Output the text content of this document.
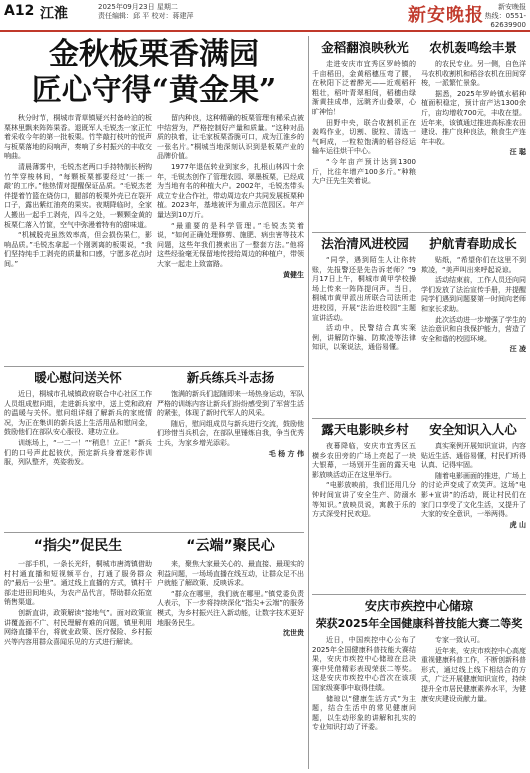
A12 江淮	2025年09月23日 星期二
责任编辑：邱 平 校对：蒋建萍	新安晚报	新安晚报
热线：0551-62639900
金秋板栗香满园
匠心守得“黄金果”

秋分时节，桐城市青草镇疑兴村备岭泊的板栗林里飘来阵阵果香。退既军人毛锐杰一家正忙着采收今年的第一批板栗。竹竿敲打枝叶的悦声与板栗落地的闷响声，奏响了乡村振兴的丰收交响曲。

清晨薄雾中，毛锐杰老两口手持特制长柄钩竹竿穿梭林间，“每颗板栗都要经过‘一拣一敲’的工序。”他热情对提醒保证品质。“毛锐杰老伴提着竹篮在烧仿口，腿部的板栗外壳已在裂开口子，露出紫红油亮的果实。夜期降临时，全家人搬出一起手工剥壳，四斗之处，一颗颗金黄的板栗仁落入竹筐，空气中弥漫着特有的甜味道。

“机械脱壳虽然效率高，但会损伤果仁，影响品质。”毛锐杰拿起一个刚剥离的板栗说，“我们坚持纯手工剥壳的质量和口感，宁愿多花点时间。”

留内种良，这种精确的板栗管理有稀采点被中结营为，严格控制好产量和质量。“这种对品质的执着，让毛家板栗香脆可口，成为江淮乡的一张名片。”桐城当地深刻认识到是板栗产业的品牌价值。

1977年退伍转业到家乡，扎根山林四十余年，毛锐杰创作了管理农园、翠墨板栗，已经成为当地有名的种植大户。2002年，毛锐杰带头成立专业合作社，带动周边农户共同发展板栗种植。2023年，基地被评为重点示范园区。年产量达到10万斤。

“最重要的是科学管理。”毛锐杰笑着说，“如何正确处理修剪、施肥、病虫害等技术问题，这些年我们摸索出了一整套方法。”他将这些经验毫无保留地传授给周边的种植户，带领大家一起走上致富路。

黄健生
暖心慰问送关怀	新兵练兵斗志扬

近日，桐城市孔城镇政府联合中心社区工作人员组成慰问组，走进新兵家中，送上党和政府的温暖与关怀。慰问组详细了解新兵的家庭情况，为正在集训的新兵送上生活用品和慰问金，鼓励他们在部队安心服役、建功立业。

训练场上，“一二一！”“稍息！立正！”新兵们的口号声此起彼伏，预定新兵身着迷彩作训服，列队整齐，英姿勃发。

饱满的新兵们起随即来一场热身运动，军队严格的训练内容让新兵们纷纷感受到了军营生活的紧张，体现了新时代军人的风采。

随后，慰问组成员与新兵进行交流，鼓励他们珍惜当兵机会，在部队里锤炼自我，争当优秀士兵，为家乡增光添彩。

毛 杨 方 伟
“指尖”促民生	“云端”聚民心

一部手机，一条长光纤，桐城市唐湾镇借助村村通直播和短视频平台，打通了服务群众的“最后一公里”。通过线上直播的方式，镇村干部走进田间地头，为农产品代言，帮助群众拓宽销售渠道。

创新直讲，政策解读“接地气”。面对政策宣讲覆盖面不广、村民理解有难的问题，镇里利用网络直播平台，将就业政策、医疗保险、乡村振兴等内容用群众喜闻乐见的方式进行解读。

来，聚焦大家最关心的、最直接、最现实的利益问题，一场场直播在线互动，让群众足不出户就能了解政策、反映诉求。

“群众在哪里，我们就在哪里。”镇党委负责人表示，下一步将持续深化“指尖+云端”的服务模式，为乡村振兴注入新动能，让数字技术更好地服务民生。

沈世贵
金稻翻浪映秋光	农机轰鸣绘丰景

走进安庆市宜秀区罗岭镇的千亩稻田，金黄稻穗压弯了腰，在秋阳下泛着醉光——近观稻秆粗壮，稻叶青翠相间，稻穗由绿渐黄挂成串，远眺齐山叠翠，心旷神怡！

田野中央，联合收割机正在轰鸣作业，切割、脱粒、清选一气呵成，一粒粒饱满的稻谷经运输车运往烘干中心。

“今年亩产预计达到1300斤，比往年增产100多斤。”种粮大户汪先生笑着说。

的农民专业。另一侧，自色洋马农机收割机和稻谷农机在田间穿梭，一派繁忙景象。

据悉，2025年罗岭镇水稻种植面积稳定，预计亩产达1300余斤，亩均增收700元，丰收在望。近年来，该镇通过推进高标准农田建设、推广良种良法，粮食生产连年丰收。

汪 聪
法治清风进校园	护航青春助成长

“同学，遇到陌生人让你转账，先报警还是先告诉老师？”9月17日上午，桐城市黄甲学校操场上传来一阵阵提问声。当日，桐城市黄甲派出所联合司法所走进校园，开展“法治进校园”主题宣讲活动。

活动中，民警结合真实案例，讲解防诈骗、防欺凌等法律知识，以案说法，通俗易懂。

贴纸，“希望你们在这里不到欺凌，“美声叫出来呼起说谅。

活动结束前，工作人员还向同学们发放了法治宣传手册，并提醒同学们遇到问题要第一时间向老师和家长求助。

此次活动进一步增强了学生的法治意识和自我保护能力，营造了安全和谐的校园环境。

汪 凌
露天电影映乡村	安全知识入人心

夜幕降临，安庆市宜秀区五横乡农田旁的广场上亮起了一块大银幕，一场别开生面的露天电影放映活动正在这里举行。

“电影放映前，我们还用几分钟时间宣讲了安全生产、防溺水等知识。”放映员说，寓教于乐的方式深受村民欢迎。

真实案例开展知识宣讲，内容贴近生活、通俗易懂，村民们听得认真、记得牢固。

随着电影画面的推进，广场上的讨论声变成了欢笑声。这场“电影+宣讲”的活动，既让村民们在家门口享受了文化生活，又提升了大家的安全意识，一举两得。

虎 山
安庆市疾控中心储琼
荣获2025年全国健康科普技能大赛二等奖

近日，中国疾控中心公布了2025年全国健康科普技能大赛结果，安庆市疾控中心储琼在总决赛中凭借精彩表现荣获二等奖。这是安庆市疾控中心首次在该项国家级赛事中取得佳绩。

储琼以“健康生活方式”为主题，结合生活中的常见健康问题，以生动形象的讲解和扎实的专业知识打动了评委。

专家一致认可。

近年来，安庆市疾控中心高度重视健康科普工作，不断创新科普形式，通过线上线下相结合的方式，广泛开展健康知识宣传，持续提升全市居民健康素养水平，为健康安庆建设贡献力量。
